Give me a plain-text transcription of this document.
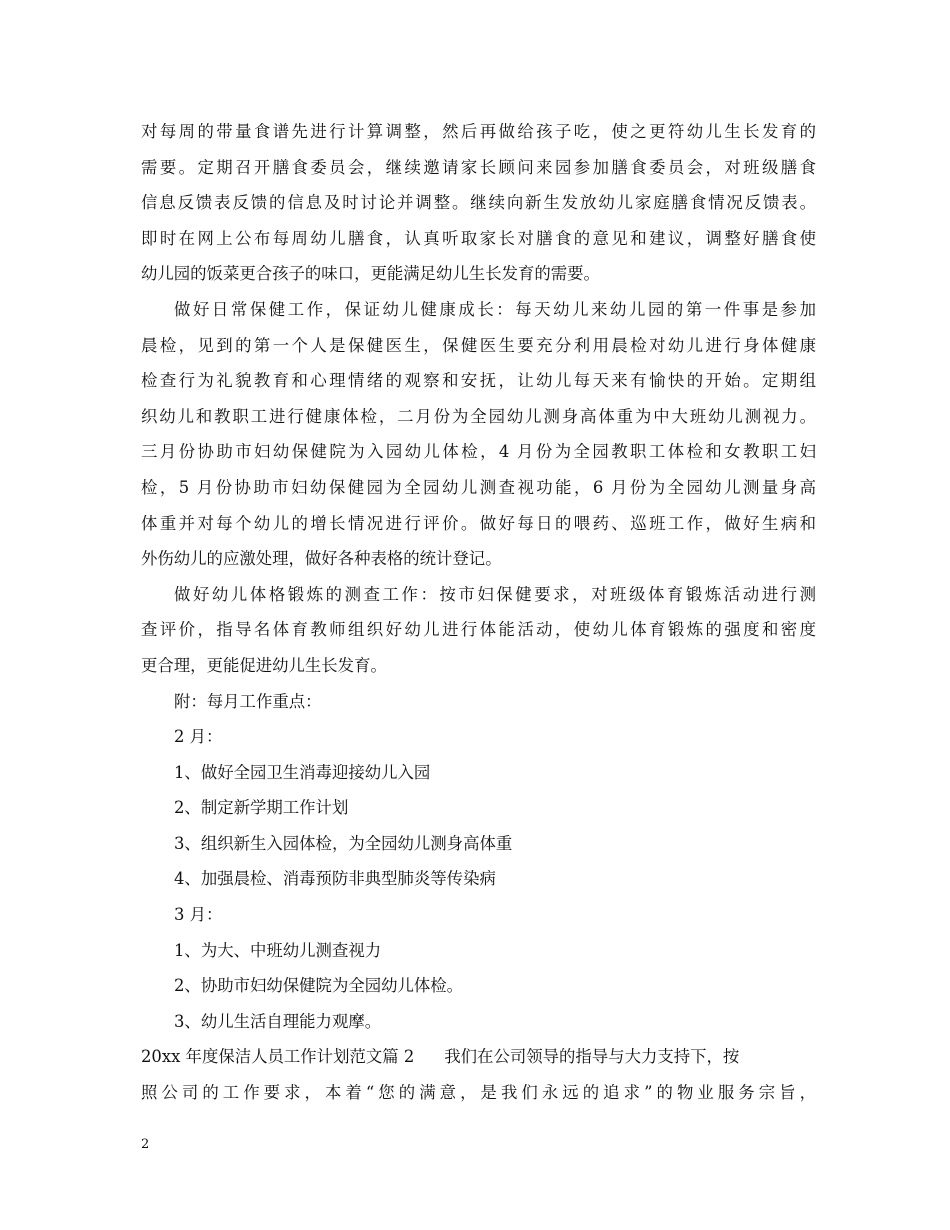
对每周的带量食谱先进行计算调整，然后再做给孩子吃，使之更符幼儿生长发育的
需要。定期召开膳食委员会，继续邀请家长顾问来园参加膳食委员会，对班级膳食
信息反馈表反馈的信息及时讨论并调整。继续向新生发放幼儿家庭膳食情况反馈表。
即时在网上公布每周幼儿膳食，认真听取家长对膳食的意见和建议，调整好膳食使
幼儿园的饭菜更合孩子的味口，更能满足幼儿生长发育的需要。
做好日常保健工作，保证幼儿健康成长：每天幼儿来幼儿园的第一件事是参加
晨检，见到的第一个人是保健医生，保健医生要充分利用晨检对幼儿进行身体健康
检查行为礼貌教育和心理情绪的观察和安抚，让幼儿每天来有愉快的开始。定期组
织幼儿和教职工进行健康体检，二月份为全园幼儿测身高体重为中大班幼儿测视力。
三月份协助市妇幼保健院为入园幼儿体检，4 月份为全园教职工体检和女教职工妇
检，5 月份协助市妇幼保健园为全园幼儿测查视功能，6 月份为全园幼儿测量身高
体重并对每个幼儿的增长情况进行评价。做好每日的喂药、巡班工作，做好生病和
外伤幼儿的应激处理，做好各种表格的统计登记。
做好幼儿体格锻炼的测查工作：按市妇保健要求，对班级体育锻炼活动进行测
查评价，指导名体育教师组织好幼儿进行体能活动，使幼儿体育锻炼的强度和密度
更合理，更能促进幼儿生长发育。
附：每月工作重点：
2 月：
1、做好全园卫生消毒迎接幼儿入园
2、制定新学期工作计划
3、组织新生入园体检，为全园幼儿测身高体重
4、加强晨检、消毒预防非典型肺炎等传染病
3 月：
1、为大、中班幼儿测查视力
2、协助市妇幼保健院为全园幼儿体检。
3、幼儿生活自理能力观摩。
20xx 年度保洁人员工作计划范文篇 2 我们在公司领导的指导与大力支持下，按
照公司的工作要求，本着“您的满意，是我们永远的追求”的物业服务宗旨，
2
